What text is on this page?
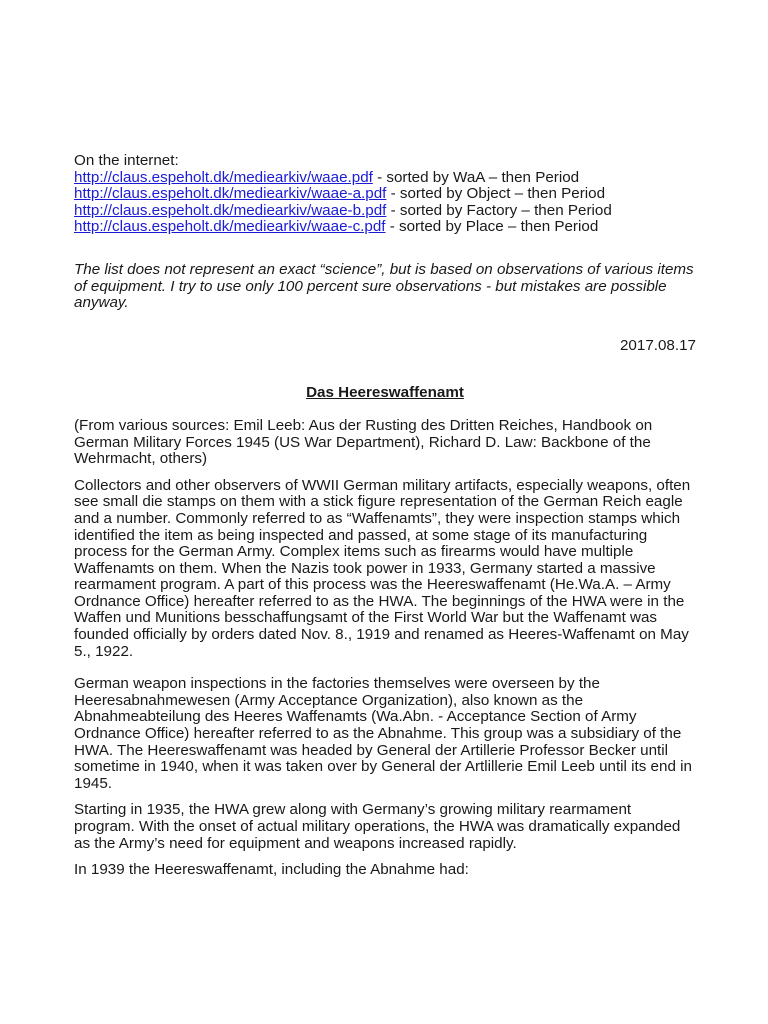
On the internet:

http://claus.espeholt.dk/mediearkiv/waae.pdf - sorted by WaA – then Period

http://claus.espeholt.dk/mediearkiv/waae-a.pdf - sorted by Object – then Period

http://claus.espeholt.dk/mediearkiv/waae-b.pdf - sorted by Factory – then Period

http://claus.espeholt.dk/mediearkiv/waae-c.pdf - sorted by Place – then Period

The list does not represent an exact “science”, but is based on observations of various items of equipment. I try to use only 100 percent sure observations - but mistakes are possible anyway.

2017.08.17

Das Heereswaffenamt

(From various sources: Emil Leeb: Aus der Rusting des Dritten Reiches, Handbook on German Military Forces 1945 (US War Department), Richard D. Law: Backbone of the Wehrmacht, others)

Collectors and other observers of WWII German military artifacts, especially weapons, often see small die stamps on them with a stick figure representation of the German Reich eagle and a number. Commonly referred to as “Waffenamts”, they were inspection stamps which identified the item as being inspected and passed, at some stage of its manufacturing process for the German Army. Complex items such as firearms would have multiple Waffenamts on them. When the Nazis took power in 1933, Germany started a massive rearmament program. A part of this process was the Heereswaffenamt (He.Wa.A. – Army Ordnance Office) hereafter referred to as the HWA. The beginnings of the HWA were in the Waffen und Munitions besschaffungsamt of the First World War but the Waffenamt was founded officially by orders dated Nov. 8., 1919 and renamed as Heeres-Waffenamt on May 5., 1922.

German weapon inspections in the factories themselves were overseen by the Heeresabnahmewesen (Army Acceptance Organization), also known as the Abnahmeabteilung des Heeres Waffenamts (Wa.Abn. - Acceptance Section of Army Ordnance Office) hereafter referred to as the Abnahme. This group was a subsidiary of the HWA. The Heereswaffenamt was headed by General der Artillerie Professor Becker until sometime in 1940, when it was taken over by General der Artlillerie Emil Leeb until its end in 1945.

Starting in 1935, the HWA grew along with Germany’s growing military rearmament program. With the onset of actual military operations, the HWA was dramatically expanded as the Army’s need for equipment and weapons increased rapidly.

In 1939 the Heereswaffenamt, including the Abnahme had:
